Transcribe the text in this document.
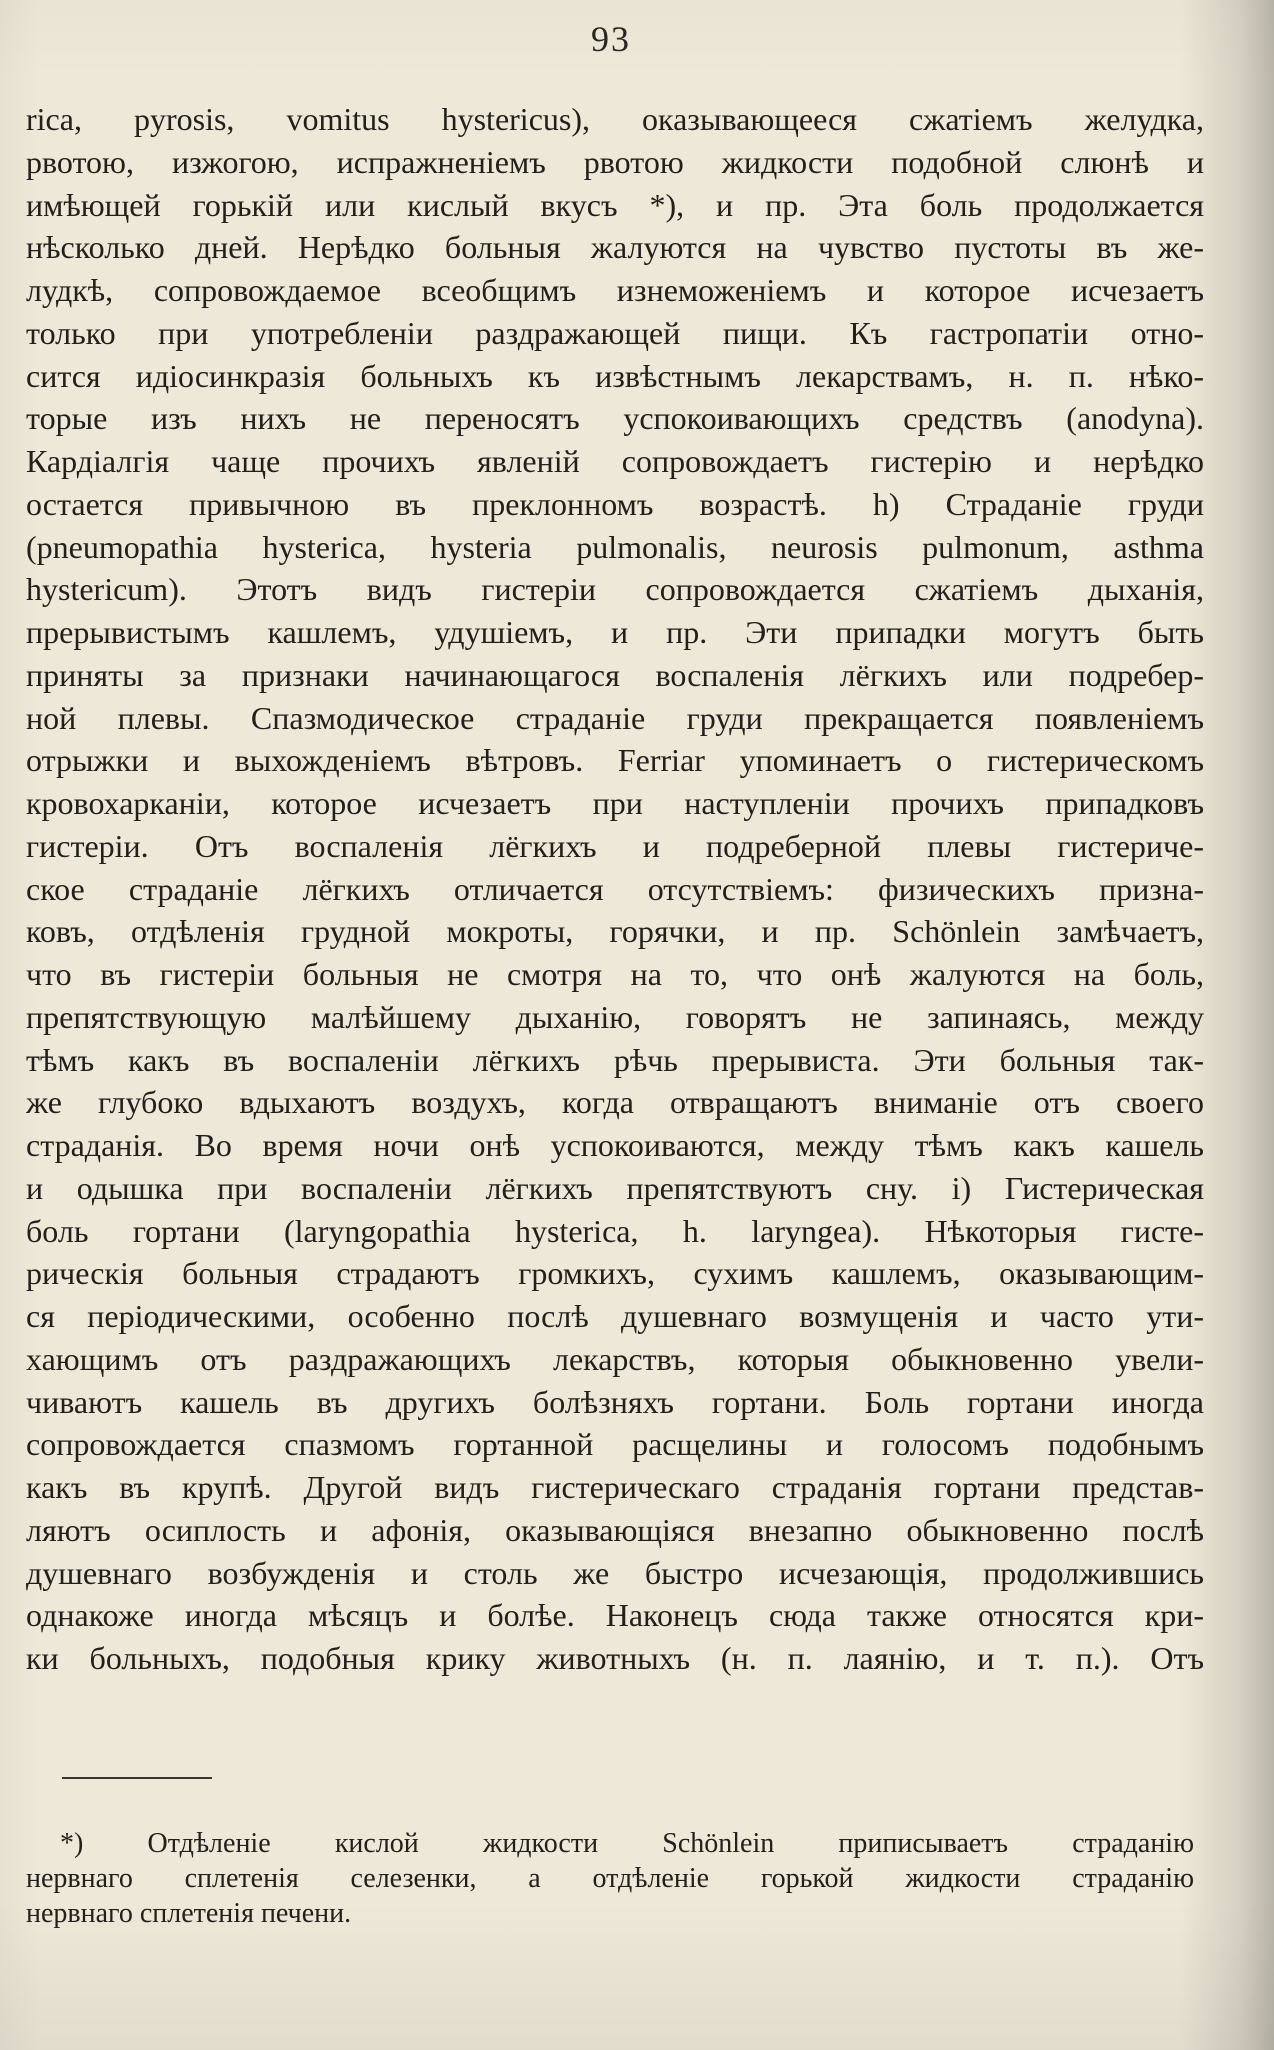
93
rica, pyrosis, vomitus hystericus), оказывающееся сжатіемъ желудка,
рвотою, изжогою, испражненіемъ рвотою жидкости подобной слюнѣ и
имѣющей горькій или кислый вкусъ *), и пр. Эта боль продолжается
нѣсколько дней. Нерѣдко больныя жалуются на чувство пустоты въ же-
лудкѣ, сопровождаемое всеобщимъ изнеможеніемъ и которое исчезаетъ
только при употребленіи раздражающей пищи. Къ гастропатіи отно-
сится идіосинкразія больныхъ къ извѣстнымъ лекарствамъ, н. п. нѣко-
торые изъ нихъ не переносятъ успокоивающихъ средствъ (anodyna).
Кардіалгія чаще прочихъ явленій сопровождаетъ гистерію и нерѣдко
остается привычною въ преклонномъ возрастѣ. h) Страданіе груди
(pneumopathia hysterica, hysteria pulmonalis, neurosis pulmonum, asthma
hystericum). Этотъ видъ гистеріи сопровождается сжатіемъ дыханія,
прерывистымъ кашлемъ, удушіемъ, и пр. Эти припадки могутъ быть
приняты за признаки начинающагося воспаленія лёгкихъ или подребер-
ной плевы. Спазмодическое страданіе груди прекращается появленіемъ
отрыжки и выхожденіемъ вѣтровъ. Ferriar упоминаетъ о гистерическомъ
кровохарканіи, которое исчезаетъ при наступленіи прочихъ припадковъ
гистеріи. Отъ воспаленія лёгкихъ и подреберной плевы гистериче-
ское страданіе лёгкихъ отличается отсутствіемъ: физическихъ призна-
ковъ, отдѣленія грудной мокроты, горячки, и пр. Schönlein замѣчаетъ,
что въ гистеріи больныя не смотря на то, что онѣ жалуются на боль,
препятствующую малѣйшему дыханію, говорятъ не запинаясь, между
тѣмъ какъ въ воспаленіи лёгкихъ рѣчь прерывиста. Эти больныя так-
же глубоко вдыхаютъ воздухъ, когда отвращаютъ вниманіе отъ своего
страданія. Во время ночи онѣ успокоиваются, между тѣмъ какъ кашель
и одышка при воспаленіи лёгкихъ препятствуютъ сну. i) Гистерическая
боль гортани (laryngopathia hysterica, h. laryngea). Нѣкоторыя гисте-
рическія больныя страдаютъ громкихъ, сухимъ кашлемъ, оказывающим-
ся періодическими, особенно послѣ душевнаго возмущенія и часто ути-
хающимъ отъ раздражающихъ лекарствъ, которыя обыкновенно увели-
чиваютъ кашель въ другихъ болѣзняхъ гортани. Боль гортани иногда
сопровождается спазмомъ гортанной расщелины и голосомъ подобнымъ
какъ въ крупѣ. Другой видъ гистерическаго страданія гортани представ-
ляютъ осиплость и афонія, оказывающіяся внезапно обыкновенно послѣ
душевнаго возбужденія и столь же быстро исчезающія, продолжившись
однакоже иногда мѣсяцъ и болѣе. Наконецъ сюда также относятся кри-
ки больныхъ, подобныя крику животныхъ (н. п. лаянію, и т. п.). Отъ
*) Отдѣленіе кислой жидкости Schönlein приписываетъ страданію
нервнаго сплетенія селезенки, а отдѣленіе горькой жидкости страданію
нервнаго сплетенія печени.
